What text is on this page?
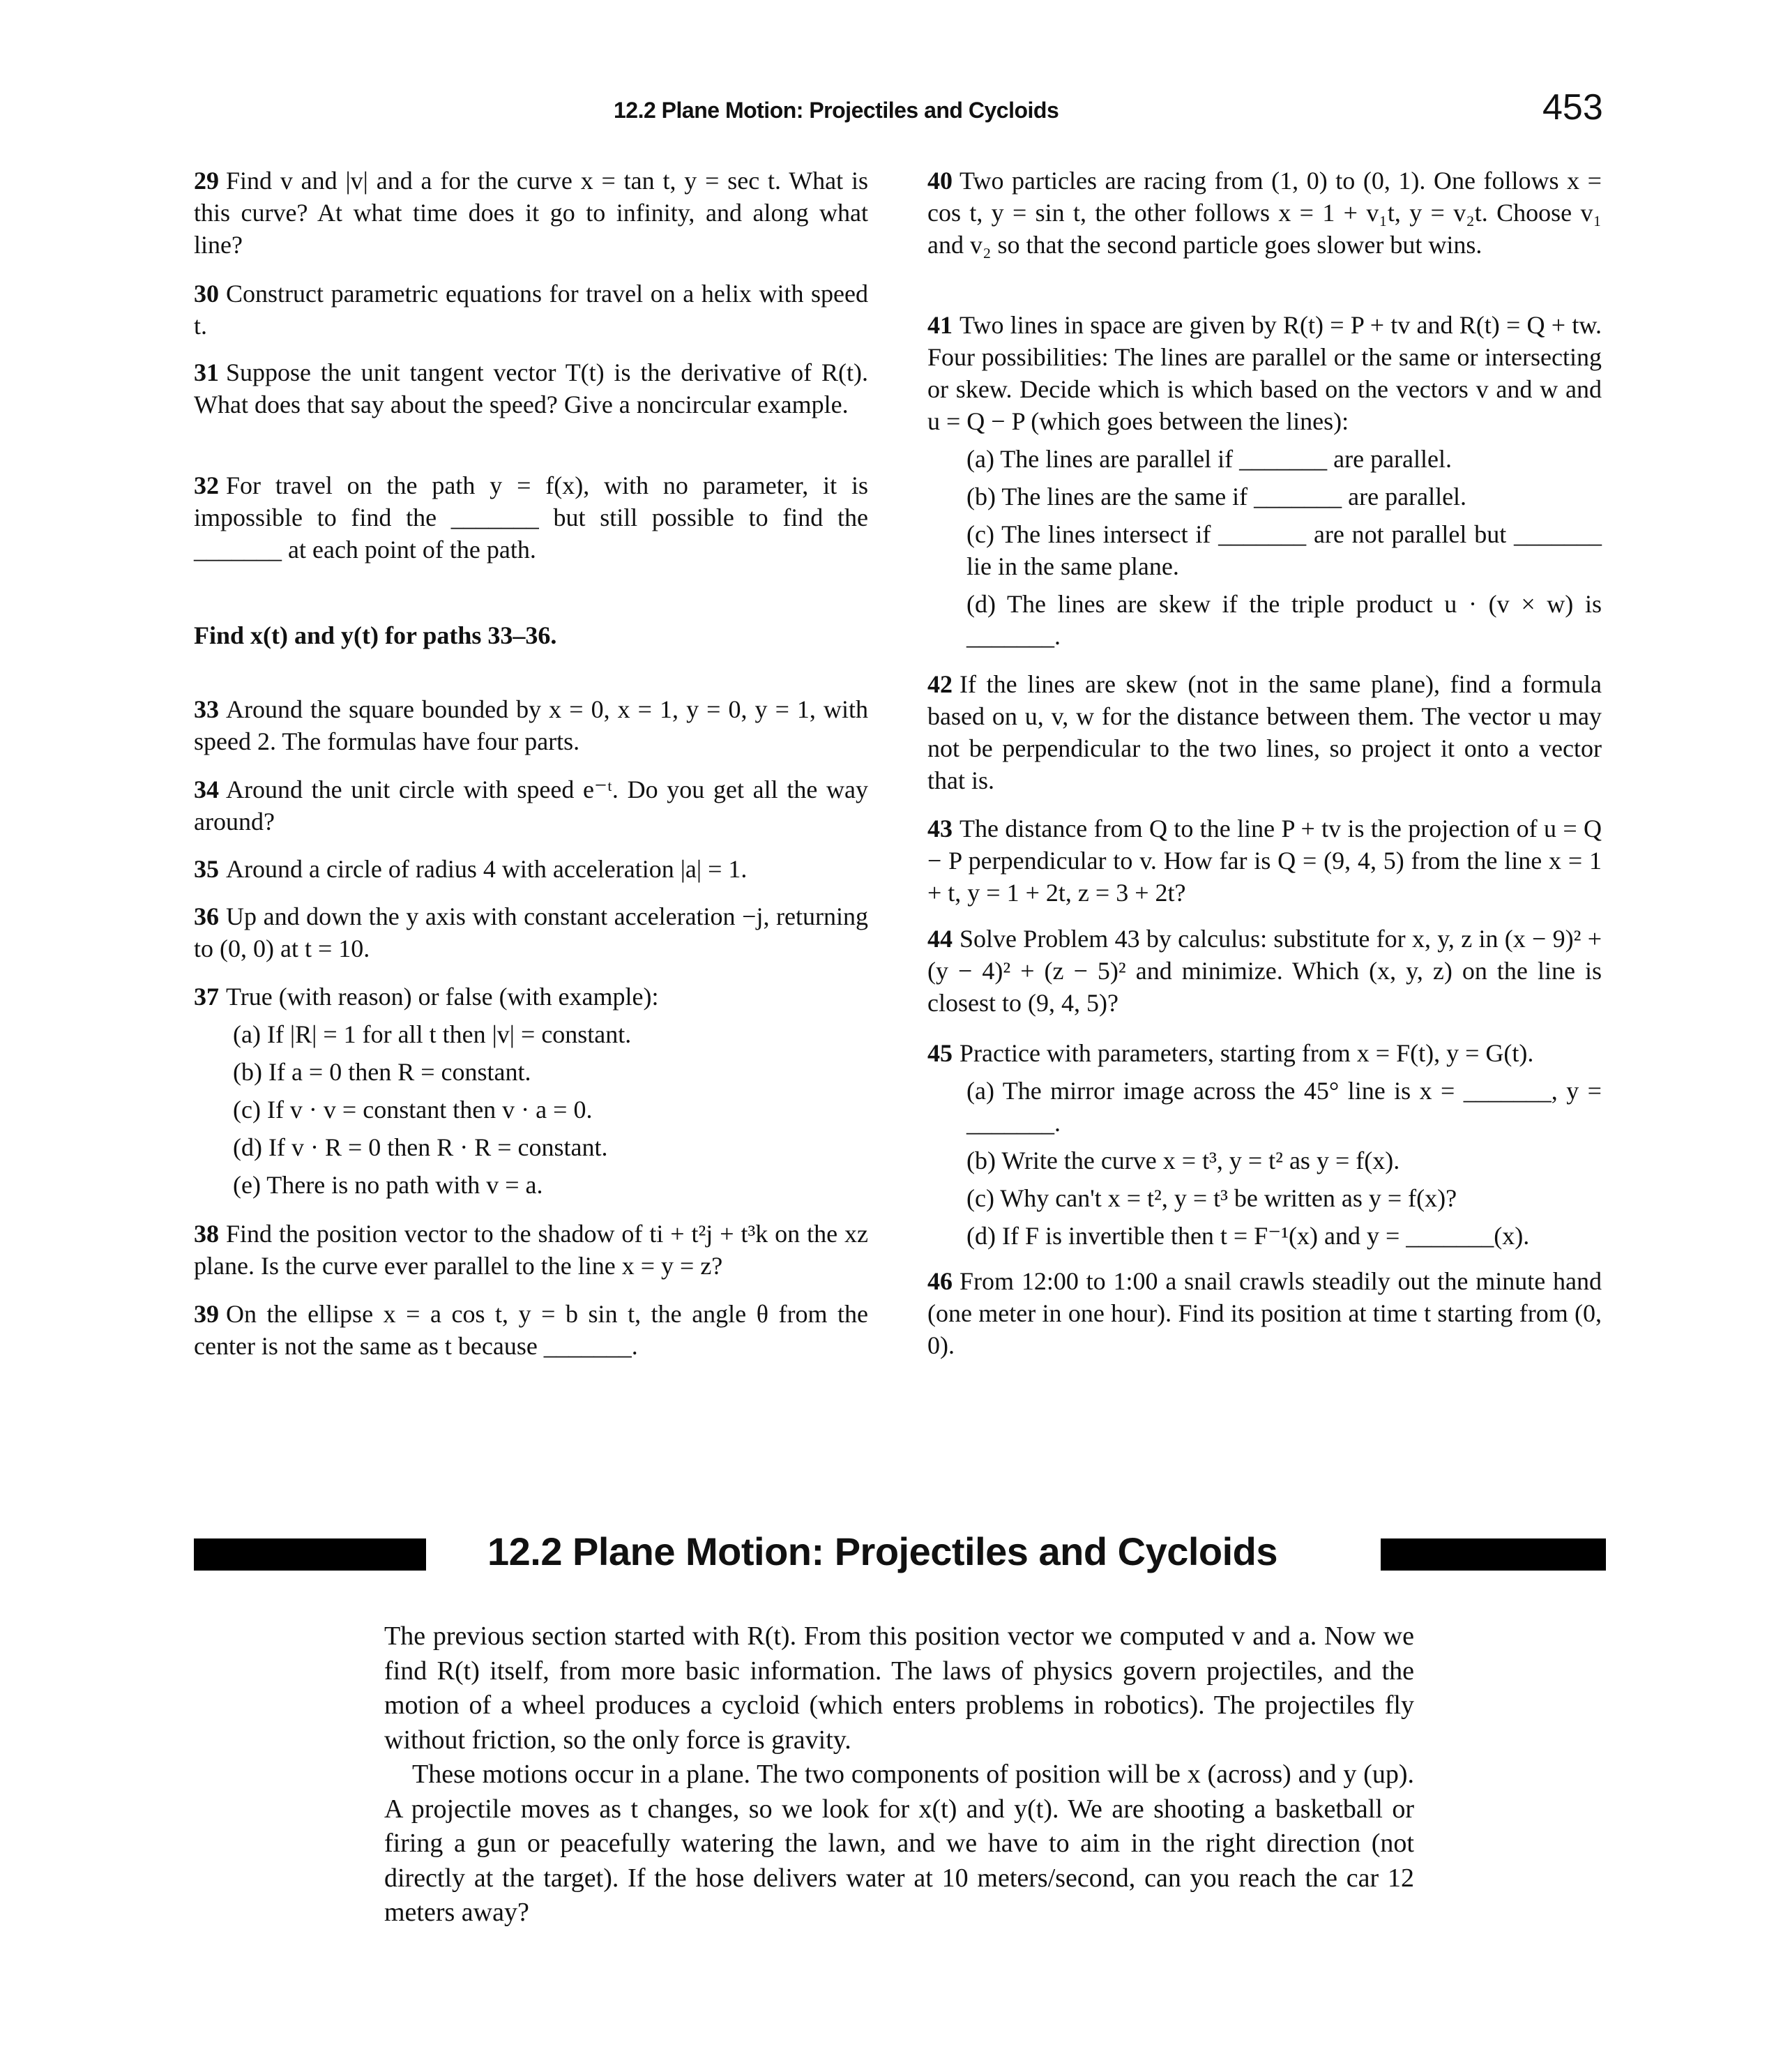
12.2 Plane Motion: Projectiles and Cycloids	453
Find x(t) and y(t) for paths 33–36.
29 Find v and |v| and a for the curve x = tan t, y = sec t. What is this curve? At what time does it go to infinity, and along what line?
30 Construct parametric equations for travel on a helix with speed t.
31 Suppose the unit tangent vector T(t) is the derivative of R(t). What does that say about the speed? Give a noncircular example.
32 For travel on the path y = f(x), with no parameter, it is impossible to find the _______ but still possible to find the _______ at each point of the path.
33 Around the square bounded by x = 0, x = 1, y = 0, y = 1, with speed 2. The formulas have four parts.
34 Around the unit circle with speed e⁻ᵗ. Do you get all the way around?
35 Around a circle of radius 4 with acceleration |a| = 1.
36 Up and down the y axis with constant acceleration −j, returning to (0, 0) at t = 10.
37 True (with reason) or false (with example):
(a) If |R| = 1 for all t then |v| = constant.
(b) If a = 0 then R = constant.
(c) If v · v = constant then v · a = 0.
(d) If v · R = 0 then R · R = constant.
(e) There is no path with v = a.
38 Find the position vector to the shadow of ti + t²j + t³k on the xz plane. Is the curve ever parallel to the line x = y = z?
39 On the ellipse x = a cos t, y = b sin t, the angle θ from the center is not the same as t because _______.
40 Two particles are racing from (1, 0) to (0, 1). One follows x = cos t, y = sin t, the other follows x = 1 + v₁t, y = v₂t. Choose v₁ and v₂ so that the second particle goes slower but wins.
41 Two lines in space are given by R(t) = P + tv and R(t) = Q + tw. Four possibilities: The lines are parallel or the same or intersecting or skew. Decide which is which based on the vectors v and w and u = Q − P (which goes between the lines):
(a) The lines are parallel if _______ are parallel.
(b) The lines are the same if _______ are parallel.
(c) The lines intersect if _______ are not parallel but _______ lie in the same plane.
(d) The lines are skew if the triple product u · (v × w) is _______.
42 If the lines are skew (not in the same plane), find a formula based on u, v, w for the distance between them. The vector u may not be perpendicular to the two lines, so project it onto a vector that is.
43 The distance from Q to the line P + tv is the projection of u = Q − P perpendicular to v. How far is Q = (9, 4, 5) from the line x = 1 + t, y = 1 + 2t, z = 3 + 2t?
44 Solve Problem 43 by calculus: substitute for x, y, z in (x − 9)² + (y − 4)² + (z − 5)² and minimize. Which (x, y, z) on the line is closest to (9, 4, 5)?
45 Practice with parameters, starting from x = F(t), y = G(t).
(a) The mirror image across the 45° line is x = _______, y = _______.
(b) Write the curve x = t³, y = t² as y = f(x).
(c) Why can't x = t², y = t³ be written as y = f(x)?
(d) If F is invertible then t = F⁻¹(x) and y = _______(x).
46 From 12:00 to 1:00 a snail crawls steadily out the minute hand (one meter in one hour). Find its position at time t starting from (0, 0).
12.2 Plane Motion: Projectiles and Cycloids

The previous section started with R(t). From this position vector we computed v and a. Now we find R(t) itself, from more basic information. The laws of physics govern projectiles, and the motion of a wheel produces a cycloid (which enters problems in robotics). The projectiles fly without friction, so the only force is gravity.

These motions occur in a plane. The two components of position will be x (across) and y (up). A projectile moves as t changes, so we look for x(t) and y(t). We are shooting a basketball or firing a gun or peacefully watering the lawn, and we have to aim in the right direction (not directly at the target). If the hose delivers water at 10 meters/second, can you reach the car 12 meters away?
